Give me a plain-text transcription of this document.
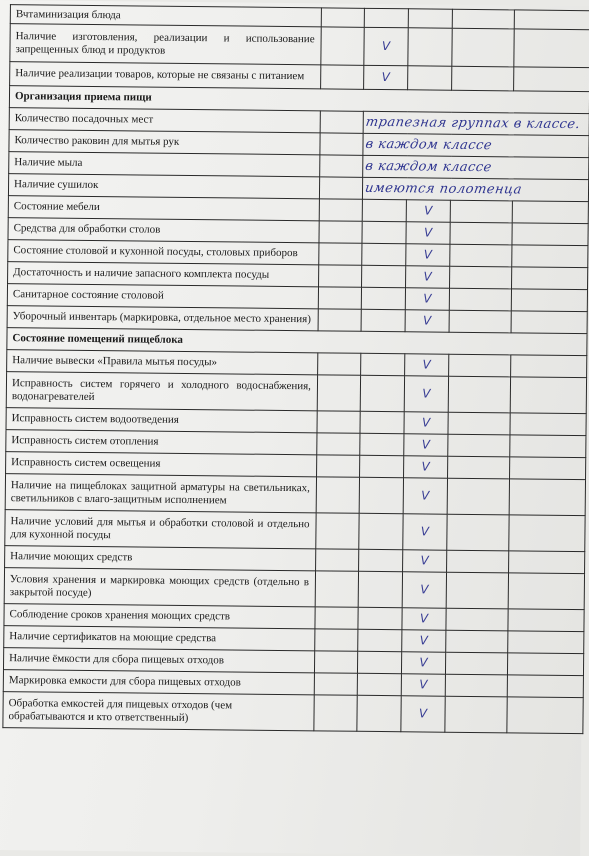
Вчтаминизация блюда					
Наличие изготовления, реализации и использование запрещенных блюд и продуктов		V			
Наличие реализации товаров, которые не связаны с питанием		V			
Организация приема пищи					
Количество посадочных мест		трапезная группах в классе.			
Количество раковин для мытья рук		в каждом классе			
Наличие мыла		в каждом классе			
Наличие сушилок		имеются полотенца			
Состояние мебели			V		
Средства для обработки столов			V		
Состояние столовой и кухонной посуды, столовых приборов			V		
Достаточность и наличие запасного комплекта посуды			V		
Санитарное состояние столовой			V		
Уборочный инвентарь (маркировка, отдельное место хранения)			V		
Состояние помещений пищеблока					
Наличие вывески «Правила мытья посуды»			V		
Исправность систем горячего и холодного водоснабжения, водонагревателей			V		
Исправность систем водоотведения			V		
Исправность систем отопления			V		
Исправность систем освещения			V		
Наличие на пищеблоках защитной арматуры на светильниках, светильников с влаго-защитным исполнением			V		
Наличие условий для мытья и обработки столовой и отдельно для кухонной посуды			V		
Наличие моющих средств			V		
Условия хранения и маркировка моющих средств (отдельно в закрытой посуде)			V		
Соблюдение сроков хранения моющих средств			V		
Наличие сертификатов на моющие средства			V		
Наличие ёмкости для сбора пищевых отходов			V		
Маркировка емкости для сбора пищевых отходов			V		
Обработка емкостей для пищевых отходов (чем обрабатываются и кто ответственный)			V		
